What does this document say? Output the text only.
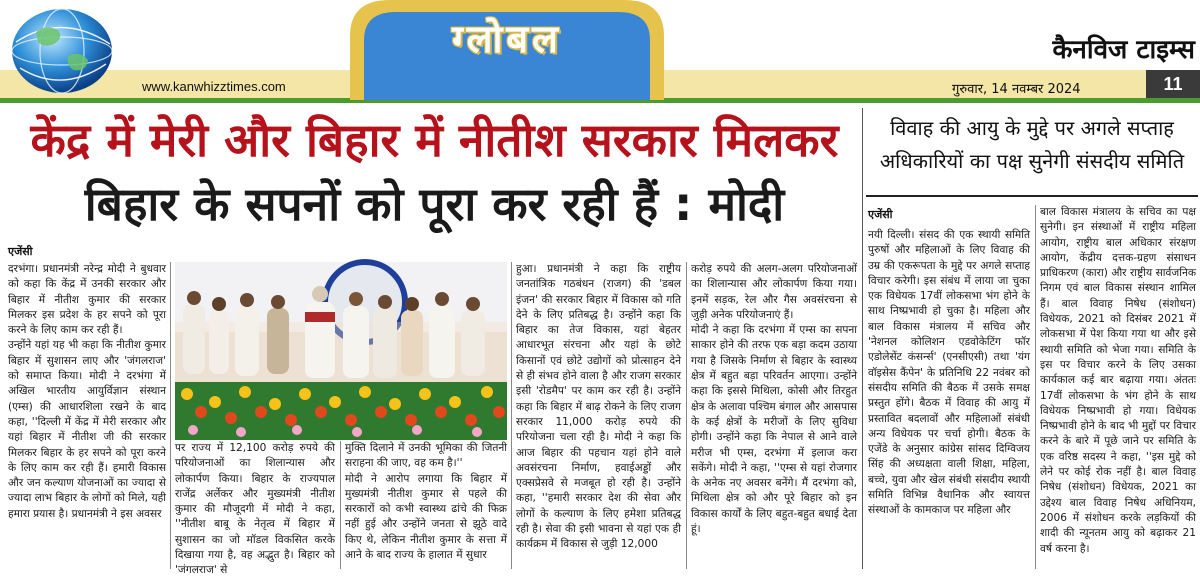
ग्लोबल	कैनविज टाइम्स
www.kanwhizztimes.com	गुरुवार, 14 नवम्बर 2024	11
केंद्र में मेरी और बिहार में नीतीश सरकार मिलकर
बिहार के सपनों को पूरा कर रही हैं : मोदी
विवाह की आयु के मुद्दे पर अगले सप्ताह अधिकारियों का पक्ष सुनेगी संसदीय समिति
एजेंसी
दरभंगा। प्रधानमंत्री नरेन्द्र मोदी ने बुधवार को कहा कि केंद्र में उनकी सरकार और बिहार में नीतीश कुमार की सरकार मिलकर इस प्रदेश के हर सपने को पूरा करने के लिए काम कर रही हैं।
उन्होंने यहां यह भी कहा कि नीतीश कुमार बिहार में सुशासन लाए और 'जंगलराज' को समाप्त किया। मोदी ने दरभंगा में अखिल भारतीय आयुर्विज्ञान संस्थान (एम्स) की आधारशिला रखने के बाद कहा, ''दिल्ली में केंद्र में मेरी सरकार और यहां बिहार में नीतीश जी की सरकार मिलकर बिहार के हर सपने को पूरा करने के लिए काम कर रही हैं। हमारी विकास और जन कल्याण योजनाओं का ज्यादा से ज्यादा लाभ बिहार के लोगों को मिले, यही हमारा प्रयास है। प्रधानमंत्री ने इस अवसर
पर राज्य में 12,100 करोड़ रुपये की परियोजनाओं का शिलान्यास और लोकार्पण किया। बिहार के राज्यपाल राजेंद्र अर्लेकर और मुख्यमंत्री नीतीश कुमार की मौजूदगी में मोदी ने कहा, ''नीतीश बाबू के नेतृत्व में बिहार में सुशासन का जो मॉडल विकसित करके दिखाया गया है, वह अद्भुत है। बिहार को 'जंगलराज' से
मुक्ति दिलाने में उनकी भूमिका की जितनी सराहना की जाए, वह कम है।''
मोदी ने आरोप लगाया कि बिहार में मुख्यमंत्री नीतीश कुमार से पहले की सरकारों को कभी स्वास्थ्य ढांचे की फिक्र नहीं हुई और उन्होंने जनता से झूठे वादे किए थे, लेकिन नीतीश कुमार के सत्ता में आने के बाद राज्य के हालात में सुधार
हुआ। प्रधानमंत्री ने कहा कि राष्ट्रीय जनतांत्रिक गठबंधन (राजग) की 'डबल इंजन' की सरकार बिहार में विकास को गति देने के लिए प्रतिबद्ध है। उन्होंने कहा कि बिहार का तेज विकास, यहां बेहतर आधारभूत संरचना और यहां के छोटे किसानों एवं छोटे उद्योगों को प्रोत्साहन देने से ही संभव होने वाला है और राजग सरकार इसी 'रोडमैप' पर काम कर रही है। उन्होंने कहा कि बिहार में बाढ़ रोकने के लिए राजग सरकार 11,000 करोड़ रुपये की परियोजना चला रही है। मोदी ने कहा कि आज बिहार की पहचान यहां होने वाले अवसंरचना निर्माण, हवाईअड्डों और एक्सप्रेसवे से मजबूत हो रही है। उन्होंने कहा, ''हमारी सरकार देश की सेवा और लोगों के कल्याण के लिए हमेशा प्रतिबद्ध रही है। सेवा की इसी भावना से यहां एक ही कार्यक्रम में विकास से जुड़ी 12,000
करोड़ रुपये की अलग-अलग परियोजनाओं का शिलान्यास और लोकार्पण किया गया। इनमें सड़क, रेल और गैस अवसंरचना से जुड़ी अनेक परियोजनाएं हैं।
मोदी ने कहा कि दरभंगा में एम्स का सपना साकार होने की तरफ एक बड़ा कदम उठाया गया है जिसके निर्माण से बिहार के स्वास्थ्य क्षेत्र में बहुत बड़ा परिवर्तन आएगा। उन्होंने कहा कि इससे मिथिला, कोसी और तिरहुत क्षेत्र के अलावा पश्चिम बंगाल और आसपास के कई क्षेत्रों के मरीजों के लिए सुविधा होगी। उन्होंने कहा कि नेपाल से आने वाले मरीज भी एम्स, दरभंगा में इलाज करा सकेंगे। मोदी ने कहा, ''एम्स से यहां रोजगार के अनेक नए अवसर बनेंगे। मैं दरभंगा को, मिथिला क्षेत्र को और पूरे बिहार को इन विकास कार्यों के लिए बहुत-बहुत बधाई देता हूं।
एजेंसी
नयी दिल्ली। संसद की एक स्थायी समिति पुरुषों और महिलाओं के लिए विवाह की उम्र की एकरूपता के मुद्दे पर अगले सप्ताह विचार करेगी। इस संबंध में लाया जा चुका एक विधेयक 17वीं लोकसभा भंग होने के साथ निष्प्रभावी हो चुका है। महिला और बाल विकास मंत्रालय में सचिव और 'नेशनल कोलिशन एडवोकेटिंग फॉर एडोलेसेंट कंसर्न्स' (एनसीएसी) तथा 'यंग वॉइसेस कैंपेन' के प्रतिनिधि 22 नवंबर को संसदीय समिति की बैठक में उसके समक्ष प्रस्तुत होंगे। बैठक में विवाह की आयु में प्रस्तावित बदलावों और महिलाओं संबंधी अन्य विधेयक पर चर्चा होगी। बैठक के एजेंडे के अनुसार कांग्रेस सांसद दिग्विजय सिंह की अध्यक्षता वाली शिक्षा, महिला, बच्चे, युवा और खेल संबंधी संसदीय स्थायी समिति विभिन्न वैधानिक और स्वायत्त संस्थाओं के कामकाज पर महिला और
बाल विकास मंत्रालय के सचिव का पक्ष सुनेगी। इन संस्थाओं में राष्ट्रीय महिला आयोग, राष्ट्रीय बाल अधिकार संरक्षण आयोग, केंद्रीय दत्तक-ग्रहण संसाधन प्राधिकरण (कारा) और राष्ट्रीय सार्वजनिक निगम एवं बाल विकास संस्थान शामिल हैं। बाल विवाह निषेध (संशोधन) विधेयक, 2021 को दिसंबर 2021 में लोकसभा में पेश किया गया था और इसे स्थायी समिति को भेजा गया। समिति के इस पर विचार करने के लिए उसका कार्यकाल कई बार बढ़ाया गया। अंततः 17वीं लोकसभा के भंग होने के साथ विधेयक निष्प्रभावी हो गया। विधेयक निष्प्रभावी होने के बाद भी मुद्दों पर विचार करने के बारे में पूछे जाने पर समिति के एक वरिष्ठ सदस्य ने कहा, ''इस मुद्दे को लेने पर कोई रोक नहीं है। बाल विवाह निषेध (संशोधन) विधेयक, 2021 का उद्देश्य बाल विवाह निषेध अधिनियम, 2006 में संशोधन करके लड़कियों की शादी की न्यूनतम आयु को बढ़ाकर 21 वर्ष करना है।
